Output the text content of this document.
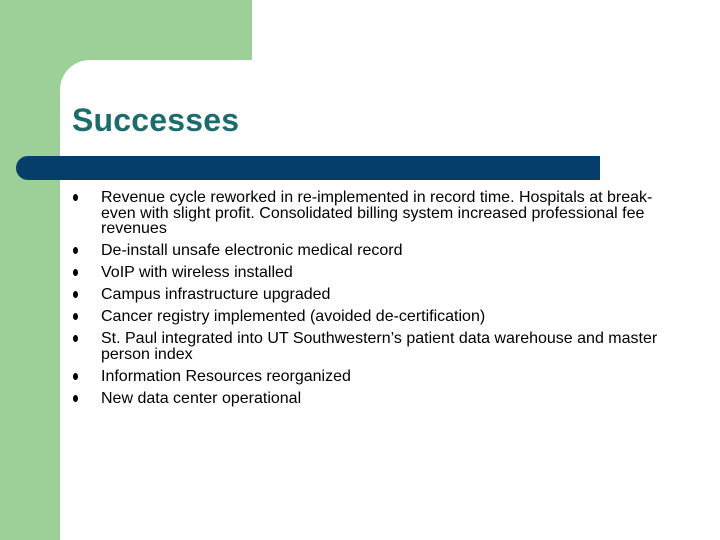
Successes
Revenue cycle reworked in re-implemented in record time. Hospitals at break-even with slight profit. Consolidated billing system increased professional fee revenues
De-install unsafe electronic medical record
VoIP with wireless installed
Campus infrastructure upgraded
Cancer registry implemented (avoided de-certification)
St. Paul integrated into UT Southwestern’s patient data warehouse and master person index
Information Resources reorganized
New data center operational
